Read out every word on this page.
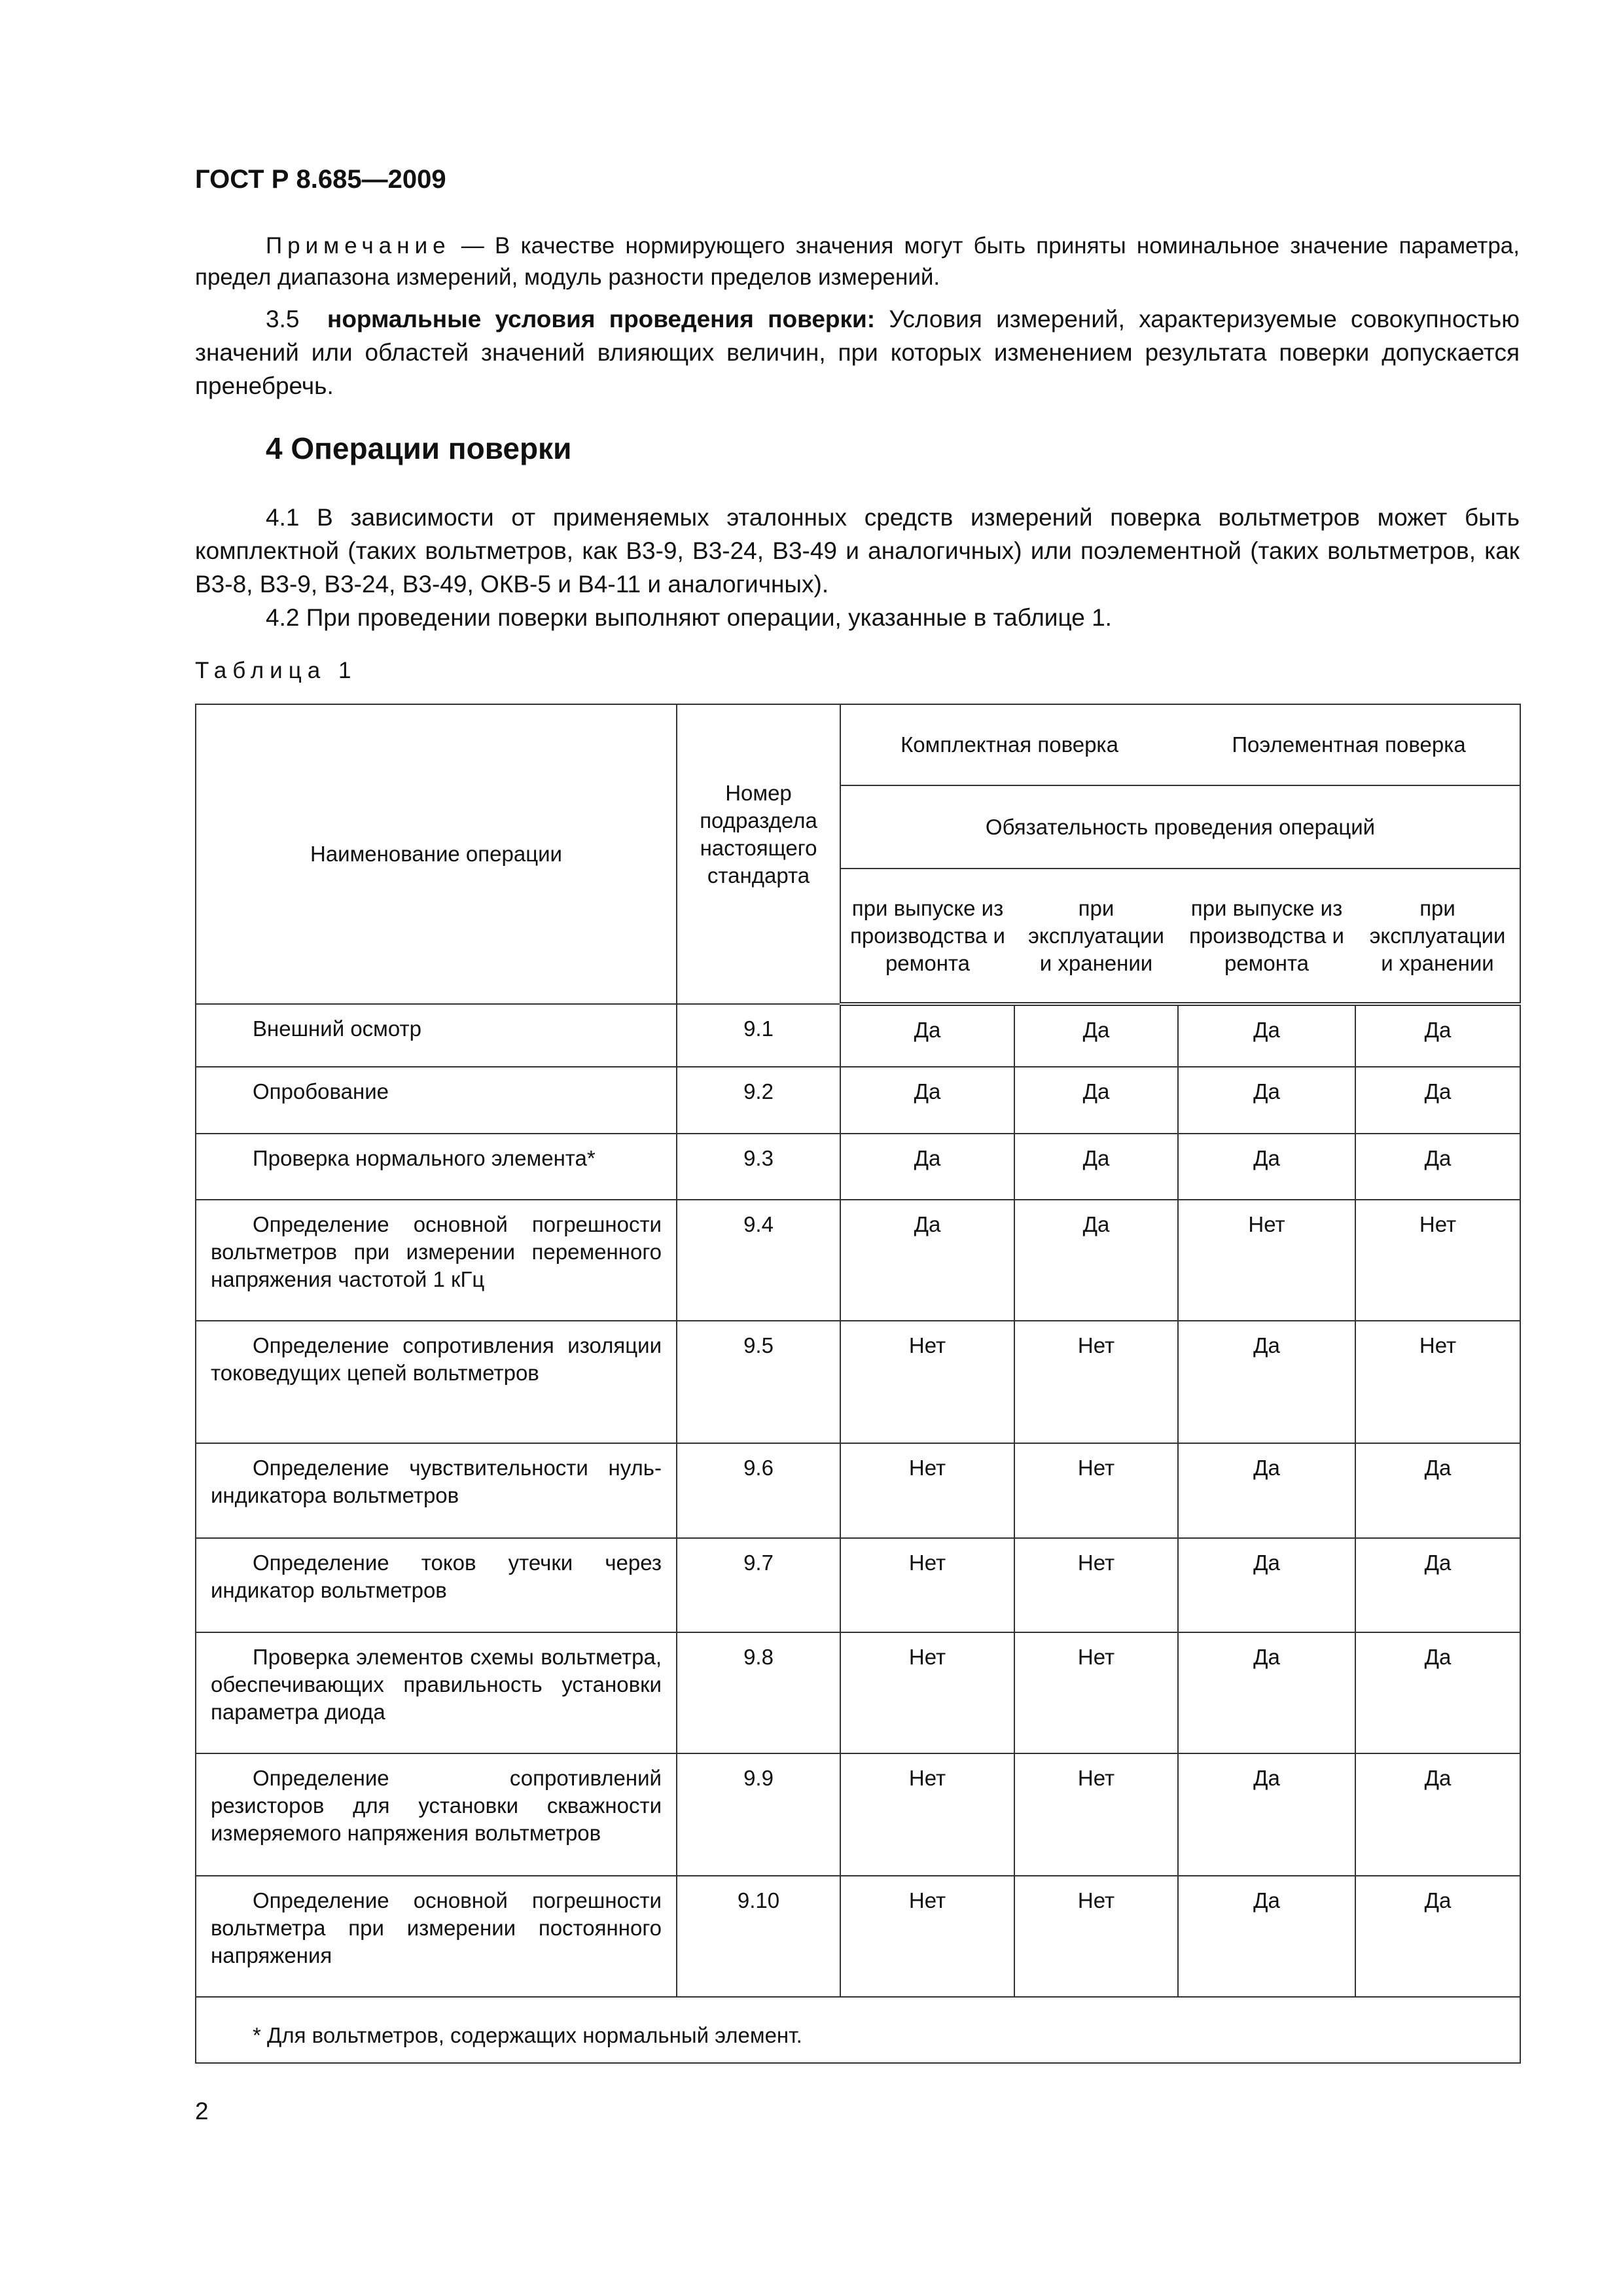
ГОСТ Р 8.685—2009
Примечание — В качестве нормирующего значения могут быть приняты номинальное значение параметра, предел диапазона измерений, модуль разности пределов измерений.
3.5 нормальные условия проведения поверки: Условия измерений, характеризуемые совокупностью значений или областей значений влияющих величин, при которых изменением результата поверки допускается пренебречь.
4 Операции поверки
4.1 В зависимости от применяемых эталонных средств измерений поверка вольтметров может быть комплектной (таких вольтметров, как В3-9, В3-24, В3-49 и аналогичных) или поэлементной (таких вольтметров, как В3-8, В3-9, В3-24, В3-49, ОКВ-5 и В4-11 и аналогичных).
4.2 При проведении поверки выполняют операции, указанные в таблице 1.
Таблица 1
Наименование операции	Номер подраздела настоящего стандарта	Комплектная поверка		Поэлементная поверка	
		Обязательность проведения операций			
		при выпуске из производства и ремонта	при эксплуатации и хранении	при выпуске из производства и ремонта	при эксплуатации и хранении
Внешний осмотр	9.1	Да	Да	Да	Да
Опробование	9.2	Да	Да	Да	Да
Проверка нормального элемента*	9.3	Да	Да	Да	Да
Определение основной погрешности вольтметров при измерении переменного напряжения частотой 1 кГц	9.4	Да	Да	Нет	Нет
Определение сопротивления изоляции токоведущих цепей вольтметров	9.5	Нет	Нет	Да	Нет
Определение чувствительности нуль-индикатора вольтметров	9.6	Нет	Нет	Да	Да
Определение токов утечки через индикатор вольтметров	9.7	Нет	Нет	Да	Да
Проверка элементов схемы вольтметра, обеспечивающих правильность установки параметра диода	9.8	Нет	Нет	Да	Да
Определение сопротивлений резисторов для установки скважности измеряемого напряжения вольтметров	9.9	Нет	Нет	Да	Да
Определение основной погрешности вольтметра при измерении постоянного напряжения	9.10	Нет	Нет	Да	Да
* Для вольтметров, содержащих нормальный элемент.					
2
